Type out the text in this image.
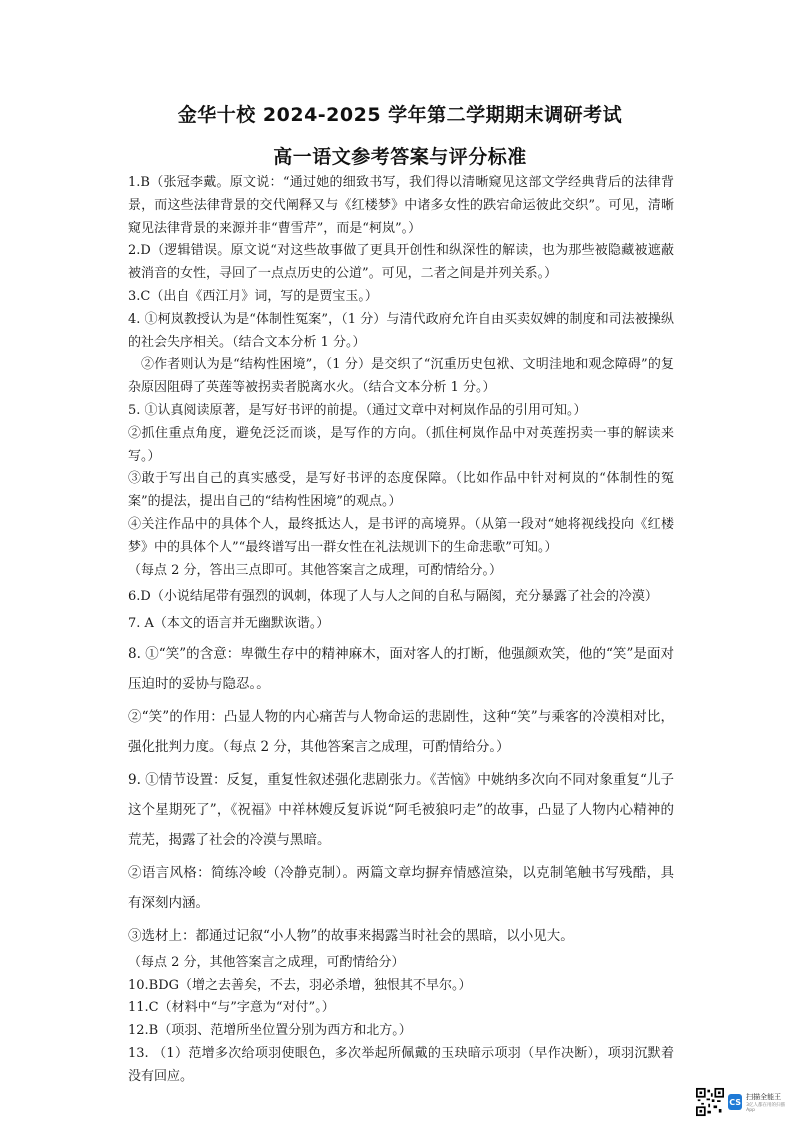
金华十校 2024-2025 学年第二学期期末调研考试
高一语文参考答案与评分标准
1.B（张冠李戴。原文说：“通过她的细致书写，我们得以清晰窥见这部文学经典背后的法律背景，而这些法律背景的交代阐释又与《红楼梦》中诸多女性的跌宕命运彼此交织”。可见，清晰窥见法律背景的来源并非“曹雪芹”，而是“柯岚”。）
2.D（逻辑错误。原文说“对这些故事做了更具开创性和纵深性的解读，也为那些被隐藏被遮蔽被消音的女性，寻回了一点点历史的公道”。可见，二者之间是并列关系。）
3.C（出自《西江月》词，写的是贾宝玉。）
4. ①柯岚教授认为是“体制性冤案”，（1 分）与清代政府允许自由买卖奴婢的制度和司法被操纵的社会失序相关。（结合文本分析 1 分。）
②作者则认为是“结构性困境”，（1 分）是交织了“沉重历史包袱、文明洼地和观念障碍”的复杂原因阻碍了英莲等被拐卖者脱离水火。（结合文本分析 1 分。）
5. ①认真阅读原著，是写好书评的前提。（通过文章中对柯岚作品的引用可知。）
②抓住重点角度，避免泛泛而谈，是写作的方向。（抓住柯岚作品中对英莲拐卖一事的解读来写。）
③敢于写出自己的真实感受，是写好书评的态度保障。（比如作品中针对柯岚的“体制性的冤案”的提法，提出自己的“结构性困境”的观点。）
④关注作品中的具体个人，最终抵达人，是书评的高境界。（从第一段对“她将视线投向《红楼梦》中的具体个人”“最终谱写出一群女性在礼法规训下的生命悲歌”可知。）
（每点 2 分，答出三点即可。其他答案言之成理，可酌情给分。）
6.D（小说结尾带有强烈的讽刺，体现了人与人之间的自私与隔阂，充分暴露了社会的冷漠）
7. A（本文的语言并无幽默诙谐。）
8. ①“笑”的含意：卑微生存中的精神麻木，面对客人的打断，他强颜欢笑，他的“笑”是面对压迫时的妥协与隐忍。。
②“笑”的作用：凸显人物的内心痛苦与人物命运的悲剧性，这种“笑”与乘客的冷漠相对比，强化批判力度。（每点 2 分，其他答案言之成理，可酌情给分。）
9. ①情节设置：反复，重复性叙述强化悲剧张力。《苦恼》中姚纳多次向不同对象重复“儿子这个星期死了”，《祝福》中祥林嫂反复诉说“阿毛被狼叼走”的故事，凸显了人物内心精神的荒芜，揭露了社会的冷漠与黑暗。
②语言风格：简练冷峻（冷静克制）。两篇文章均摒弃情感渲染，以克制笔触书写残酷，具有深刻内涵。
③选材上：都通过记叙“小人物”的故事来揭露当时社会的黑暗，以小见大。
（每点 2 分，其他答案言之成理，可酌情给分）
10.BDG（增之去善矣，不去，羽必杀增，独恨其不早尔。）
11.C（材料中“与”字意为“对付”。）
12.B（项羽、范增所坐位置分别为西方和北方。）
13. （1）范增多次给项羽使眼色，多次举起所佩戴的玉玦暗示项羽（早作决断），项羽沉默着没有回应。
CS
扫描全能王
3亿人都在用的扫描App
